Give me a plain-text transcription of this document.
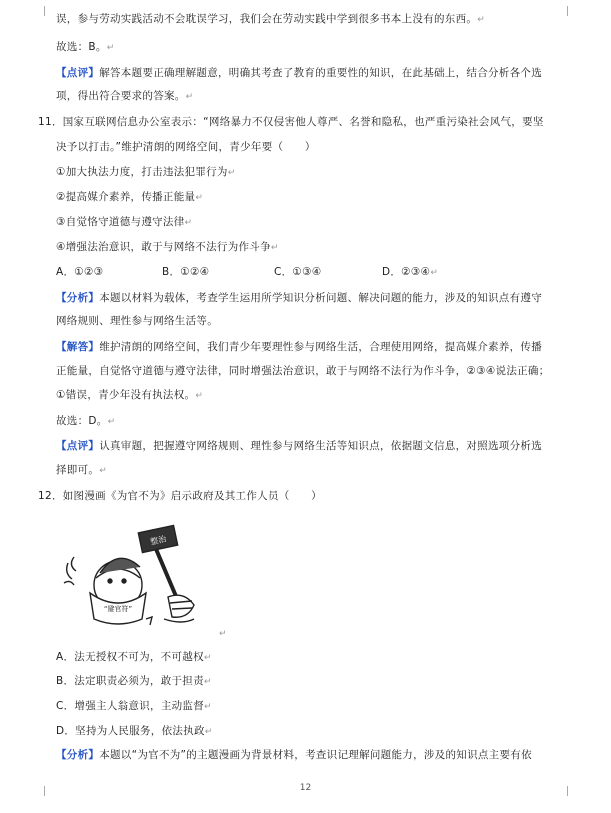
误，参与劳动实践活动不会耽误学习，我们会在劳动实践中学到很多书本上没有的东西。↵
故选：B。↵
【点评】解答本题要正确理解题意，明确其考查了教育的重要性的知识，在此基础上，结合分析各个选
项，得出符合要求的答案。↵
11．国家互联网信息办公室表示：“网络暴力不仅侵害他人尊严、名誉和隐私，也严重污染社会风气，要坚
决予以打击。”维护清朗的网络空间，青少年要（　　）
①加大执法力度，打击违法犯罪行为↵
②提高媒介素养，传播正能量↵
③自觉恪守道德与遵守法律↵
④增强法治意识，敢于与网络不法行为作斗争↵
A．①②③	B．①②④	C．①③④	D．②③④↵
【分析】本题以材料为载体，考查学生运用所学知识分析问题、解决问题的能力，涉及的知识点有遵守
网络规则、理性参与网络生活等。
【解答】维护清朗的网络空间，我们青少年要理性参与网络生活，合理使用网络，提高媒介素养，传播
正能量，自觉恪守道德与遵守法律，同时增强法治意识，敢于与网络不法行为作斗争，②③④说法正确；
①错误，青少年没有执法权。↵
故选：D。↵
【点评】认真审题，把握遵守网络规则、理性参与网络生活等知识点，依据题文信息，对照选项分析选
择即可。↵
12．如图漫画《为官不为》启示政府及其工作人员（　　）
整治
“避官符”
↵
A．法无授权不可为，不可越权↵
B．法定职责必须为，敢于担责↵
C．增强主人翁意识，主动监督↵
D．坚持为人民服务，依法执政↵
【分析】本题以“为官不为”的主题漫画为背景材料，考查识记理解问题能力，涉及的知识点主要有依
12
